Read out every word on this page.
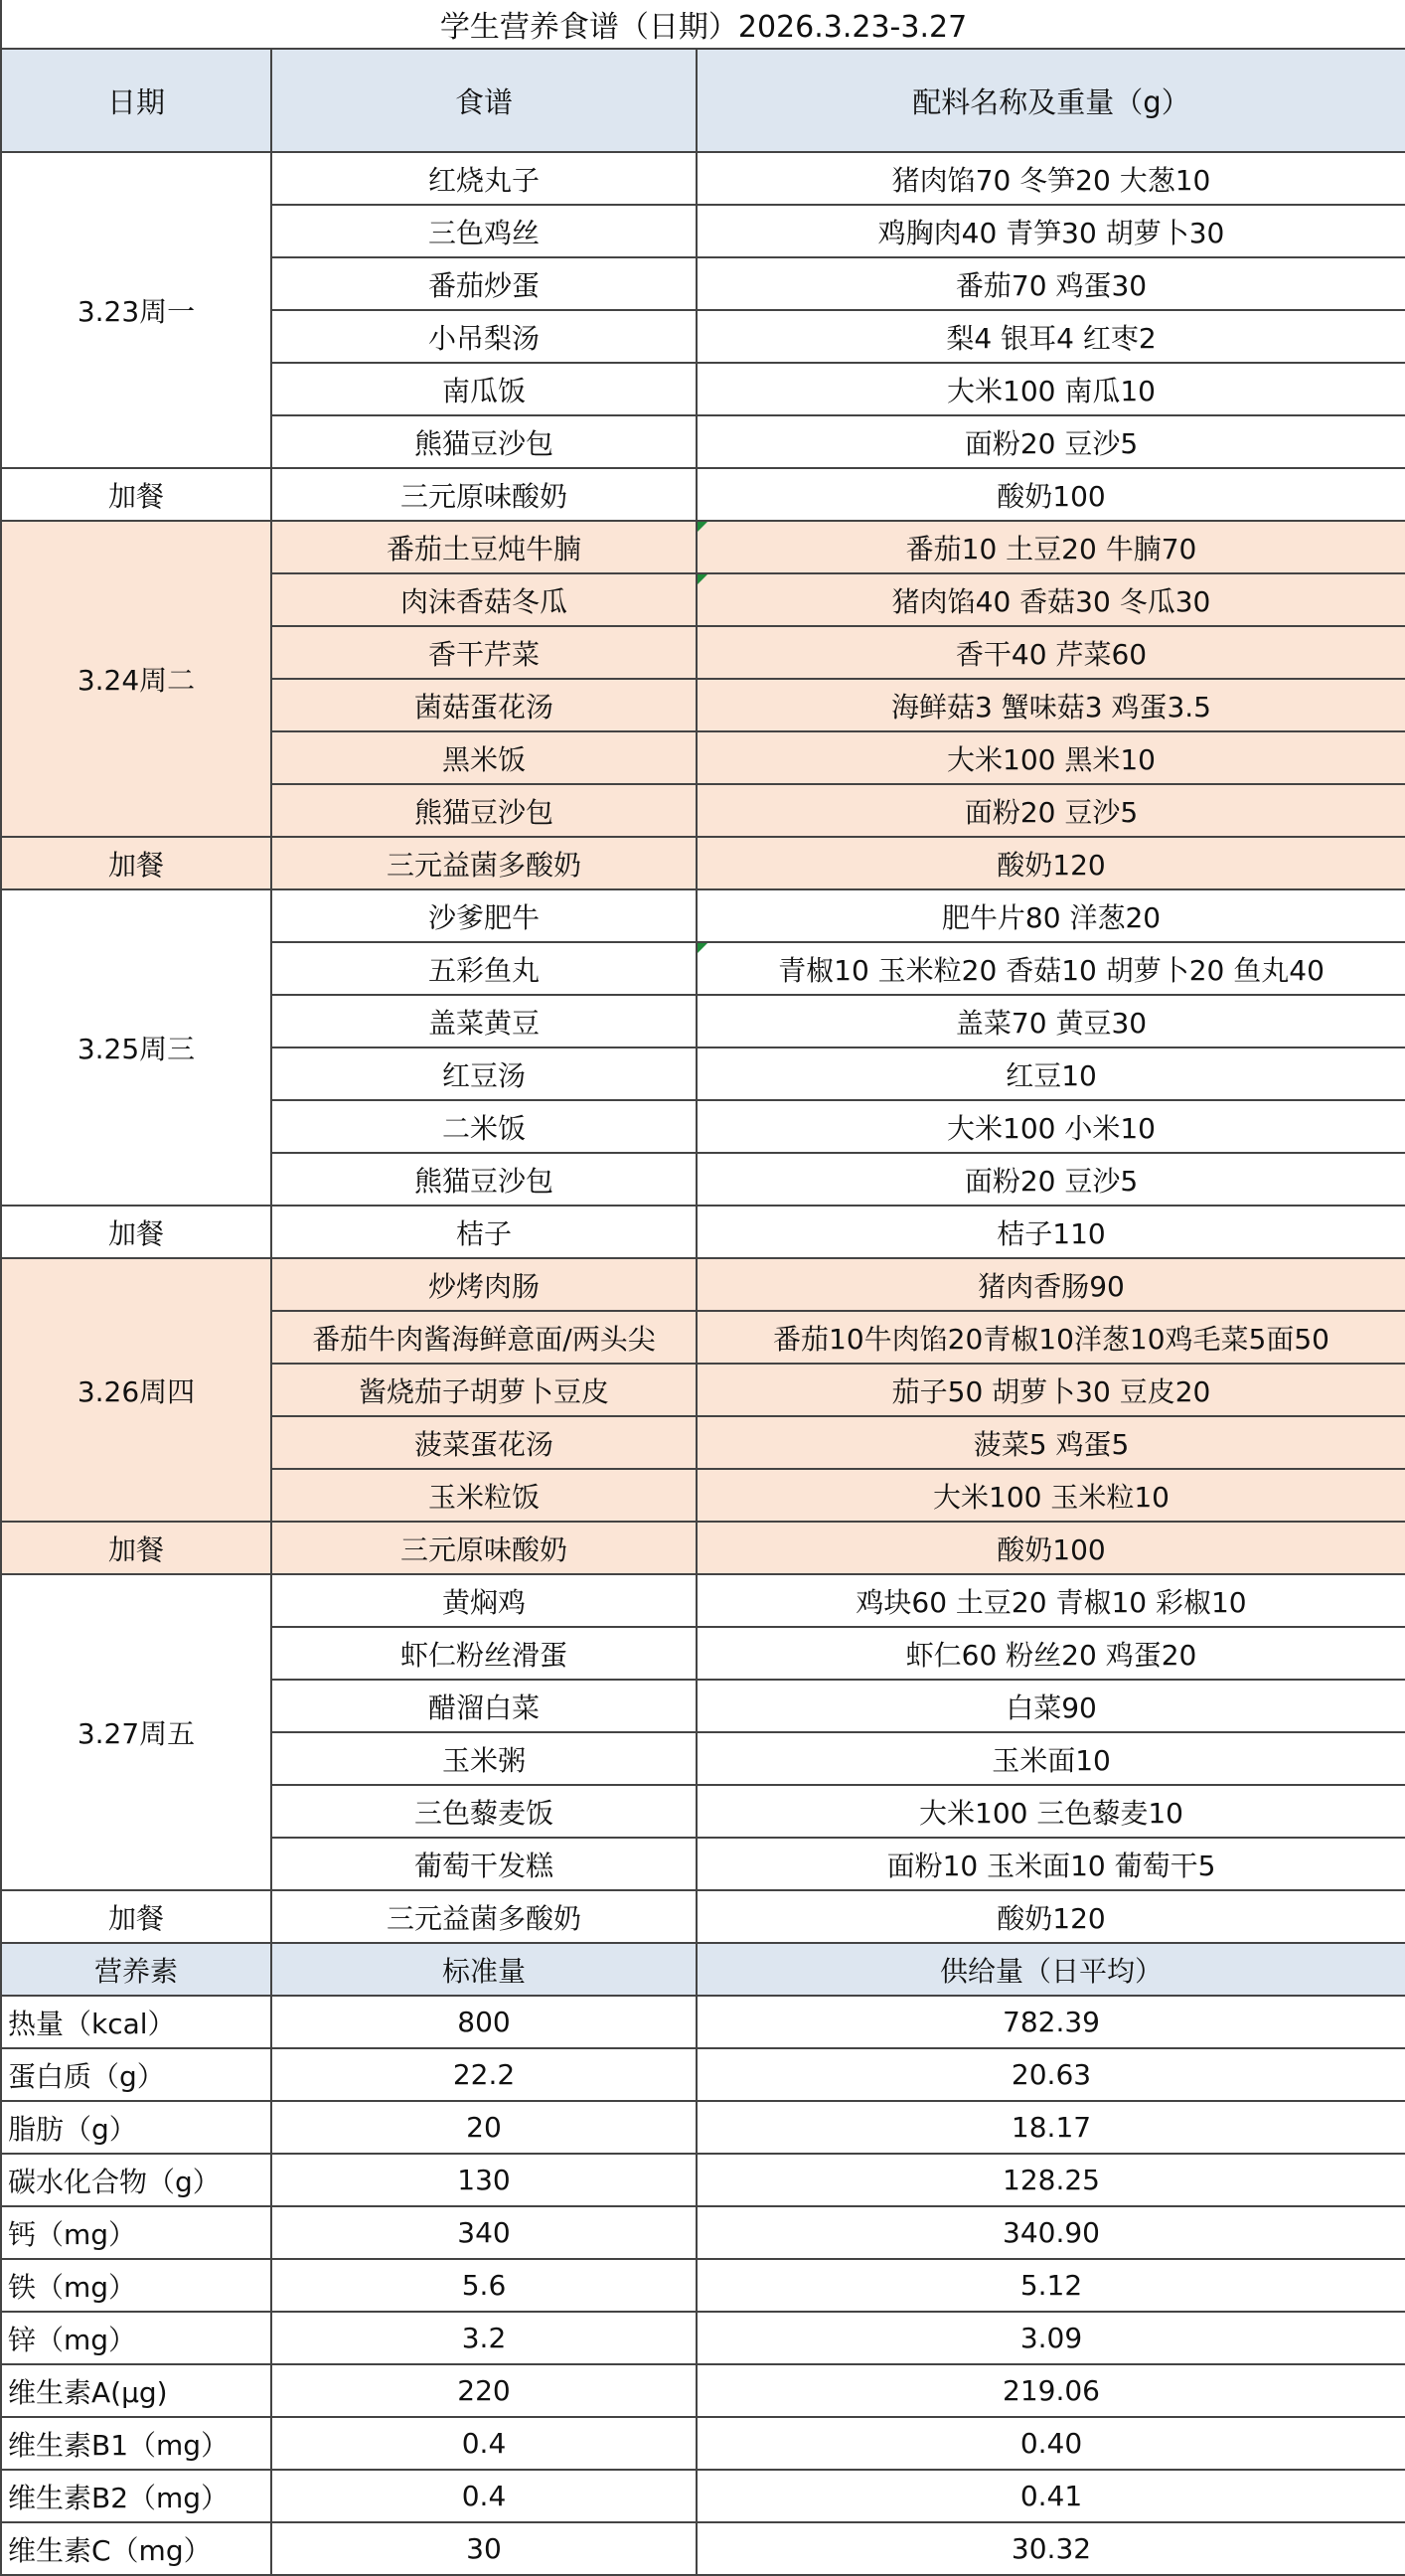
学生营养食谱（日期）2026.3.23-3.27		
日期	食谱	配料名称及重量（g）
3.23周一	红烧丸子	猪肉馅70 冬笋20 大葱10
	三色鸡丝	鸡胸肉40 青笋30 胡萝卜30
	番茄炒蛋	番茄70 鸡蛋30
	小吊梨汤	梨4 银耳4 红枣2
	南瓜饭	大米100 南瓜10
	熊猫豆沙包	面粉20 豆沙5
加餐	三元原味酸奶	酸奶100
3.24周二	番茄土豆炖牛腩	番茄10 土豆20 牛腩70
	肉沫香菇冬瓜	猪肉馅40 香菇30 冬瓜30
	香干芹菜	香干40 芹菜60
	菌菇蛋花汤	海鲜菇3 蟹味菇3 鸡蛋3.5
	黑米饭	大米100 黑米10
	熊猫豆沙包	面粉20 豆沙5
加餐	三元益菌多酸奶	酸奶120
3.25周三	沙爹肥牛	肥牛片80 洋葱20
	五彩鱼丸	青椒10 玉米粒20 香菇10 胡萝卜20 鱼丸40
	盖菜黄豆	盖菜70 黄豆30
	红豆汤	红豆10
	二米饭	大米100 小米10
	熊猫豆沙包	面粉20 豆沙5
加餐	桔子	桔子110
3.26周四	炒烤肉肠	猪肉香肠90
	番茄牛肉酱海鲜意面/两头尖	番茄10牛肉馅20青椒10洋葱10鸡毛菜5面50
	酱烧茄子胡萝卜豆皮	茄子50 胡萝卜30 豆皮20
	菠菜蛋花汤	菠菜5 鸡蛋5
	玉米粒饭	大米100 玉米粒10
加餐	三元原味酸奶	酸奶100
3.27周五	黄焖鸡	鸡块60 土豆20 青椒10 彩椒10
	虾仁粉丝滑蛋	虾仁60 粉丝20 鸡蛋20
	醋溜白菜	白菜90
	玉米粥	玉米面10
	三色藜麦饭	大米100 三色藜麦10
	葡萄干发糕	面粉10 玉米面10 葡萄干5
加餐	三元益菌多酸奶	酸奶120
营养素	标准量	供给量（日平均）
热量（kcal）	800	782.39
蛋白质（g）	22.2	20.63
脂肪（g）	20	18.17
碳水化合物（g）	130	128.25
钙（mg）	340	340.90
铁（mg）	5.6	5.12
锌（mg）	3.2	3.09
维生素A(μg)	220	219.06
维生素B1（mg）	0.4	0.40
维生素B2（mg）	0.4	0.41
维生素C（mg）	30	30.32
